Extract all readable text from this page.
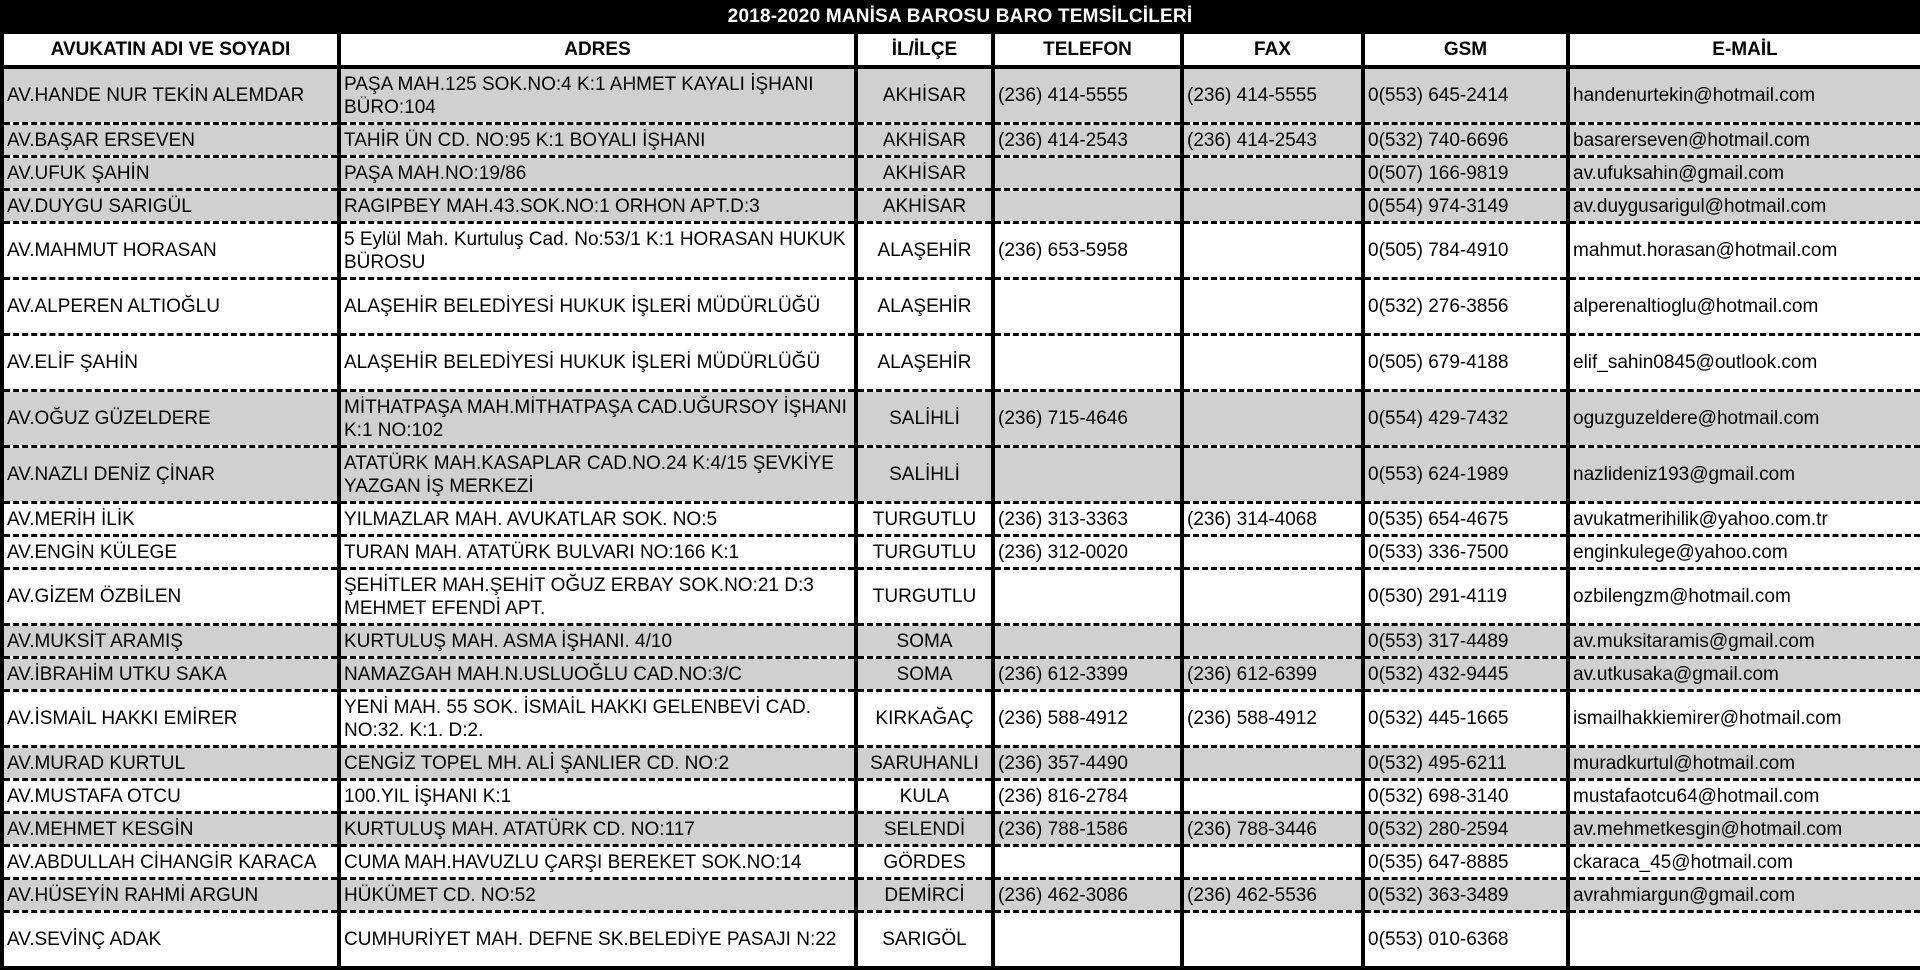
2018-2020 MANİSA BAROSU BARO TEMSİLCİLERİ
AVUKATIN ADI VE SOYADI	ADRES	İL/İLÇE	TELEFON	FAX	GSM	E-MAİL
AV.HANDE NUR TEKİN ALEMDAR	PAŞA MAH.125 SOK.NO:4 K:1 AHMET KAYALI İŞHANI BÜRO:104	AKHİSAR	(236) 414-5555	(236) 414-5555	0(553) 645-2414	handenurtekin@hotmail.com
AV.BAŞAR ERSEVEN	TAHİR ÜN CD. NO:95 K:1 BOYALI İŞHANI	AKHİSAR	(236) 414-2543	(236) 414-2543	0(532) 740-6696	basarerseven@hotmail.com
AV.UFUK ŞAHİN	PAŞA MAH.NO:19/86	AKHİSAR			0(507) 166-9819	av.ufuksahin@gmail.com
AV.DUYGU SARIGÜL	RAGIPBEY MAH.43.SOK.NO:1 ORHON APT.D:3	AKHİSAR			0(554) 974-3149	av.duygusarigul@hotmail.com
AV.MAHMUT HORASAN	5 Eylül Mah. Kurtuluş Cad. No:53/1 K:1 HORASAN HUKUK BÜROSU	ALAŞEHİR	(236) 653-5958		0(505) 784-4910	mahmut.horasan@hotmail.com
AV.ALPEREN ALTIOĞLU	ALAŞEHİR BELEDİYESİ HUKUK İŞLERİ MÜDÜRLÜĞÜ	ALAŞEHİR			0(532) 276-3856	alperenaltioglu@hotmail.com
AV.ELİF ŞAHİN	ALAŞEHİR BELEDİYESİ HUKUK İŞLERİ MÜDÜRLÜĞÜ	ALAŞEHİR			0(505) 679-4188	elif_sahin0845@outlook.com
AV.OĞUZ GÜZELDERE	MİTHATPAŞA MAH.MİTHATPAŞA CAD.UĞURSOY İŞHANI K:1 NO:102	SALİHLİ	(236) 715-4646		0(554) 429-7432	oguzguzeldere@hotmail.com
AV.NAZLI DENİZ ÇİNAR	ATATÜRK MAH.KASAPLAR CAD.NO.24 K:4/15 ŞEVKİYE YAZGAN İŞ MERKEZİ	SALİHLİ			0(553) 624-1989	nazlideniz193@gmail.com
AV.MERİH İLİK	YILMAZLAR MAH. AVUKATLAR SOK. NO:5	TURGUTLU	(236) 313-3363	(236) 314-4068	0(535) 654-4675	avukatmerihilik@yahoo.com.tr
AV.ENGİN KÜLEGE	TURAN MAH. ATATÜRK BULVARI NO:166 K:1	TURGUTLU	(236) 312-0020		0(533) 336-7500	enginkulege@yahoo.com
AV.GİZEM ÖZBİLEN	ŞEHİTLER MAH.ŞEHİT OĞUZ ERBAY SOK.NO:21 D:3 MEHMET EFENDİ APT.	TURGUTLU			0(530) 291-4119	ozbilengzm@hotmail.com
AV.MUKSİT ARAMIŞ	KURTULUŞ MAH. ASMA İŞHANI. 4/10	SOMA			0(553) 317-4489	av.muksitaramis@gmail.com
AV.İBRAHİM UTKU SAKA	NAMAZGAH MAH.N.USLUOĞLU CAD.NO:3/C	SOMA	(236) 612-3399	(236) 612-6399	0(532) 432-9445	av.utkusaka@gmail.com
AV.İSMAİL HAKKI EMİRER	YENİ MAH. 55 SOK. İSMAİL HAKKI GELENBEVİ CAD. NO:32. K:1. D:2.	KIRKAĞAÇ	(236) 588-4912	(236) 588-4912	0(532) 445-1665	ismailhakkiemirer@hotmail.com
AV.MURAD KURTUL	CENGİZ TOPEL MH. ALİ ŞANLIER CD. NO:2	SARUHANLI	(236) 357-4490		0(532) 495-6211	muradkurtul@hotmail.com
AV.MUSTAFA OTCU	100.YIL İŞHANI K:1	KULA	(236) 816-2784		0(532) 698-3140	mustafaotcu64@hotmail.com
AV.MEHMET KESGİN	KURTULUŞ MAH. ATATÜRK CD. NO:117	SELENDİ	(236) 788-1586	(236) 788-3446	0(532) 280-2594	av.mehmetkesgin@hotmail.com
AV.ABDULLAH CİHANGİR KARACA	CUMA MAH.HAVUZLU ÇARŞI BEREKET SOK.NO:14	GÖRDES			0(535) 647-8885	ckaraca_45@hotmail.com
AV.HÜSEYİN RAHMİ ARGUN	HÜKÜMET CD. NO:52	DEMİRCİ	(236) 462-3086	(236) 462-5536	0(532) 363-3489	avrahmiargun@gmail.com
AV.SEVİNÇ ADAK	CUMHURİYET MAH. DEFNE SK.BELEDİYE PASAJI N:22	SARIGÖL			0(553) 010-6368	
